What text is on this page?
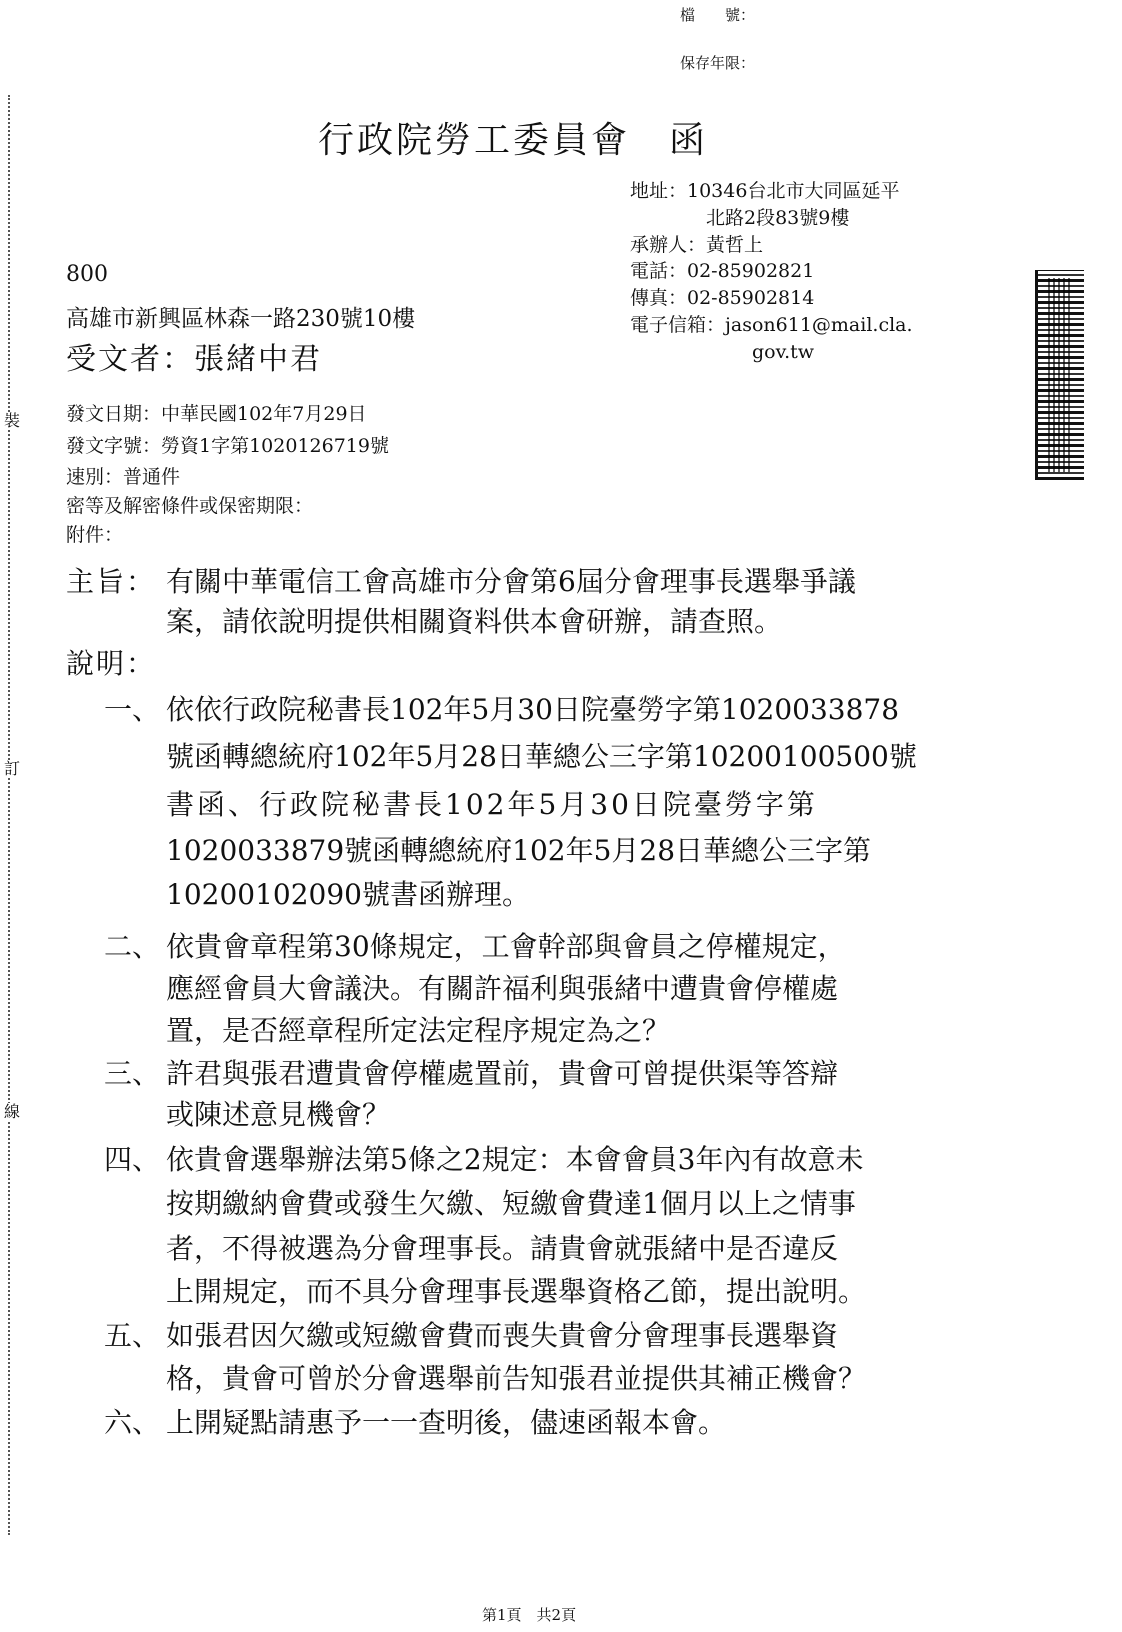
裝
訂
線
檔　　號：
保存年限：
行政院勞工委員會　函
地址：10346台北市大同區延平
北路2段83號9樓
承辦人：黃哲上
電話：02-85902821
傳真：02-85902814
電子信箱：jason611@mail.cla.
gov.tw
800
高雄市新興區林森一路230號10樓
受文者：張緒中君
發文日期：中華民國102年7月29日
發文字號：勞資1字第1020126719號
速別：普通件
密等及解密條件或保密期限：
附件：
主旨： 有關中華電信工會高雄市分會第6屆分會理事長選舉爭議
案，請依說明提供相關資料供本會研辦，請查照。
說明：
一、 依依行政院秘書長102年5月30日院臺勞字第1020033878
號函轉總統府102年5月28日華總公三字第10200100500號
書函、行政院秘書長102年5月30日院臺勞字第
1020033879號函轉總統府102年5月28日華總公三字第
10200102090號書函辦理。
二、 依貴會章程第30條規定，工會幹部與會員之停權規定，
應經會員大會議決。有關許福利與張緒中遭貴會停權處
置，是否經章程所定法定程序規定為之？
三、 許君與張君遭貴會停權處置前，貴會可曾提供渠等答辯
或陳述意見機會？
四、 依貴會選舉辦法第5條之2規定：本會會員3年內有故意未
按期繳納會費或發生欠繳、短繳會費達1個月以上之情事
者，不得被選為分會理事長。請貴會就張緒中是否違反
上開規定，而不具分會理事長選舉資格乙節，提出說明。
五、 如張君因欠繳或短繳會費而喪失貴會分會理事長選舉資
格，貴會可曾於分會選舉前告知張君並提供其補正機會？
六、 上開疑點請惠予一一查明後，儘速函報本會。
第1頁　共2頁
